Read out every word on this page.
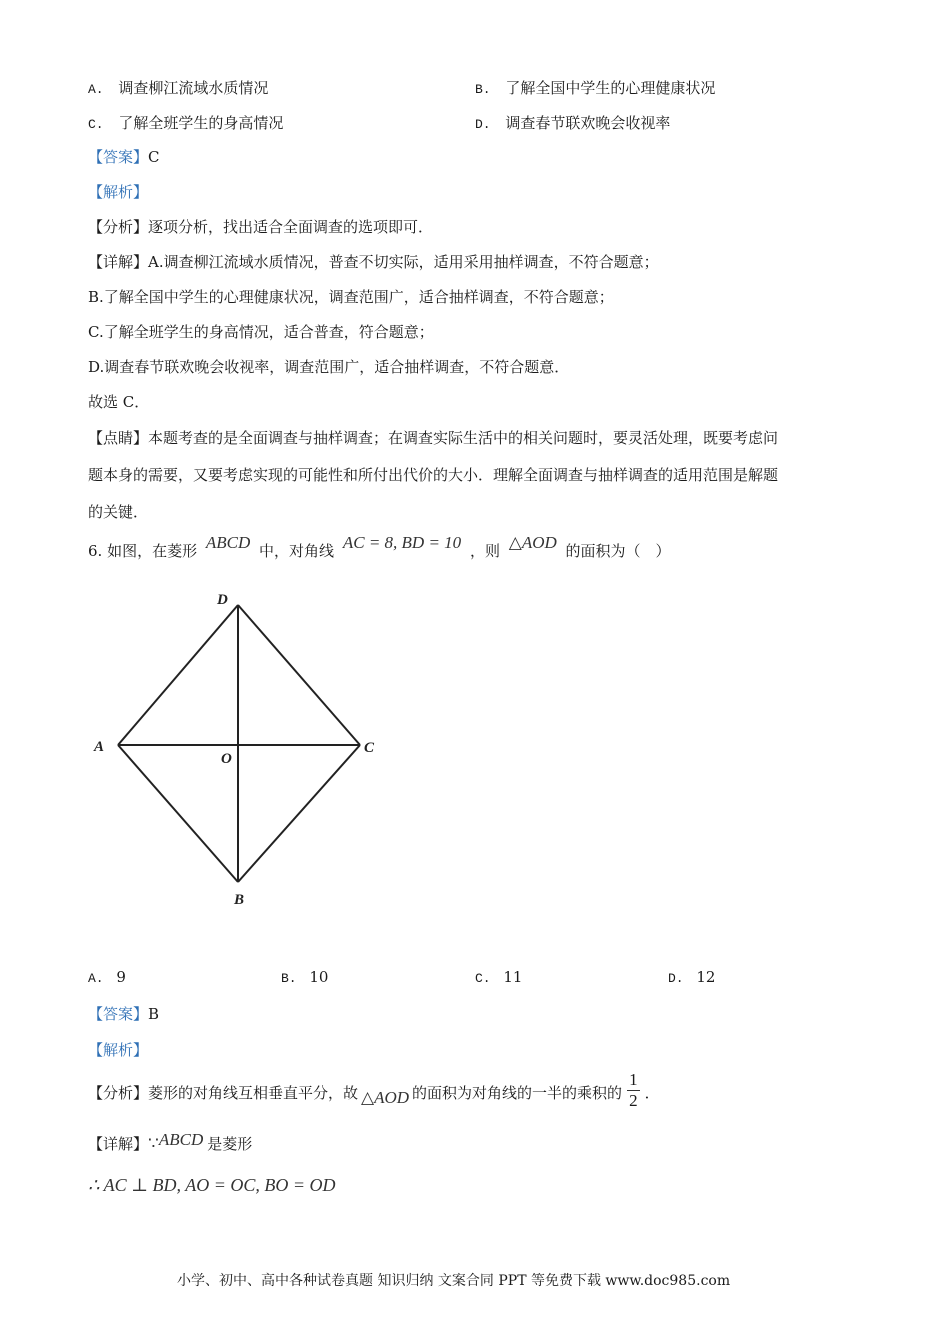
A. 调查柳江流域水质情况	B. 了解全国中学生的心理健康状况
C. 了解全班学生的身高情况	D. 调查春节联欢晚会收视率
【答案】C
【解析】
【分析】逐项分析，找出适合全面调查的选项即可．
【详解】A.调查柳江流域水质情况，普查不切实际，适用采用抽样调查，不符合题意；
B.了解全国中学生的心理健康状况，调查范围广，适合抽样调查，不符合题意；
C.了解全班学生的身高情况，适合普查，符合题意；
D.调查春节联欢晚会收视率，调查范围广，适合抽样调查，不符合题意．
故选 C．
【点睛】本题考查的是全面调查与抽样调查；在调查实际生活中的相关问题时，要灵活处理，既要考虑问
题本身的需要，又要考虑实现的可能性和所付出代价的大小．理解全面调查与抽样调查的适用范围是解题
的关键．
6. 如图，在菱形 ABCD 中，对角线 AC = 8, BD = 10 ，则 △AOD 的面积为（　）
D
A	C
O
B
A. 9	B. 10	C. 11	D. 12
【答案】B
【解析】
【分析】 菱形的对角线互相垂直平分，故 △AOD 的面积为对角线的一半的乘积的 $\frac{1}{2}$ ．
【详解】∵ABCD 是菱形
∴ AC ⊥ BD, AO = OC, BO = OD
小学、初中、高中各种试卷真题 知识归纳 文案合同 PPT 等免费下载 www.doc985.com
